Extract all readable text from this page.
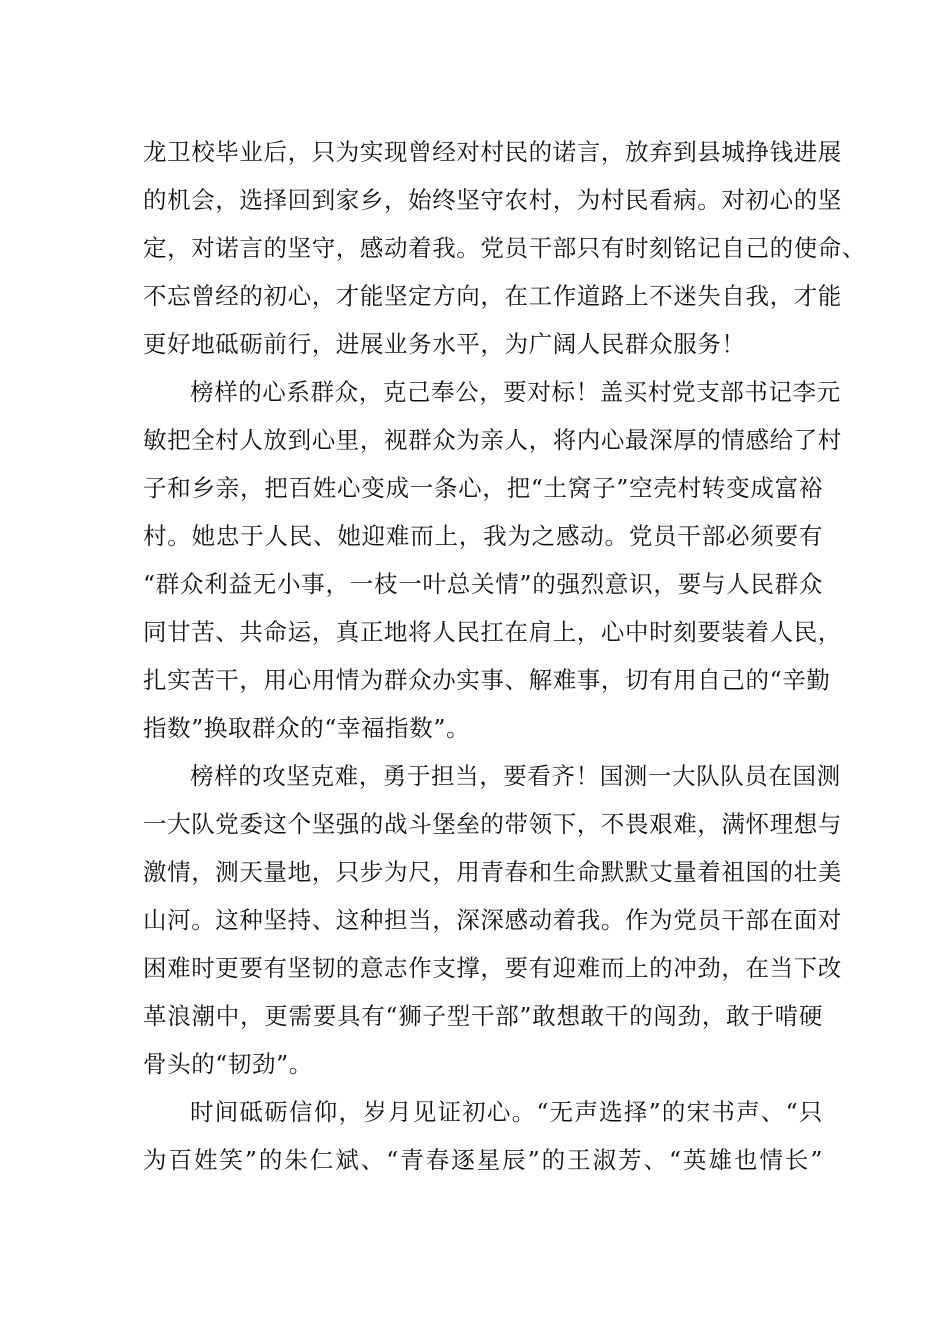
龙卫校毕业后，只为实现曾经对村民的诺言，放弃到县城挣钱进展
的机会，选择回到家乡，始终坚守农村，为村民看病。对初心的坚
定，对诺言的坚守，感动着我。党员干部只有时刻铭记自己的使命、
不忘曾经的初心，才能坚定方向，在工作道路上不迷失自我，才能
更好地砥砺前行，进展业务水平，为广阔人民群众服务！
榜样的心系群众，克己奉公，要对标！盖买村党支部书记李元
敏把全村人放到心里，视群众为亲人，将内心最深厚的情感给了村
子和乡亲，把百姓心变成一条心，把“土窝子”空壳村转变成富裕
村。她忠于人民、她迎难而上，我为之感动。党员干部必须要有
“群众利益无小事，一枝一叶总关情”的强烈意识，要与人民群众
同甘苦、共命运，真正地将人民扛在肩上，心中时刻要装着人民，
扎实苦干，用心用情为群众办实事、解难事，切有用自己的“辛勤
指数”换取群众的“幸福指数”。
榜样的攻坚克难，勇于担当，要看齐！国测一大队队员在国测
一大队党委这个坚强的战斗堡垒的带领下，不畏艰难，满怀理想与
激情，测天量地，只步为尺，用青春和生命默默丈量着祖国的壮美
山河。这种坚持、这种担当，深深感动着我。作为党员干部在面对
困难时更要有坚韧的意志作支撑，要有迎难而上的冲劲，在当下改
革浪潮中，更需要具有“狮子型干部”敢想敢干的闯劲，敢于啃硬
骨头的“韧劲”。
时间砥砺信仰，岁月见证初心。“无声选择”的宋书声、“只
为百姓笑”的朱仁斌、“青春逐星辰”的王淑芳、“英雄也情长”
